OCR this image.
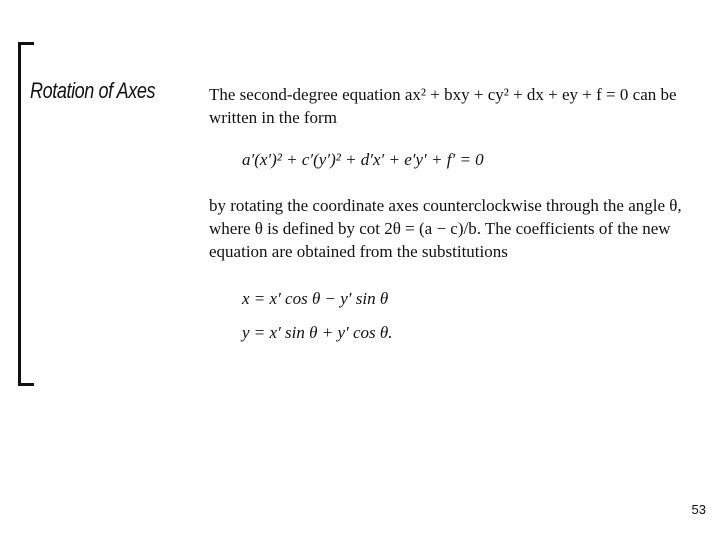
Rotation of Axes	The second-degree equation ax² + bxy + cy² + dx + ey + f = 0 can be written in the form
a′(x′)² + c′(y′)² + d′x′ + e′y′ + f′ = 0
by rotating the coordinate axes counterclockwise through the angle θ, where θ is defined by cot 2θ = (a − c)/b. The coefficients of the new equation are obtained from the substitutions
x = x′ cos θ − y′ sin θ
y = x′ sin θ + y′ cos θ.
53
